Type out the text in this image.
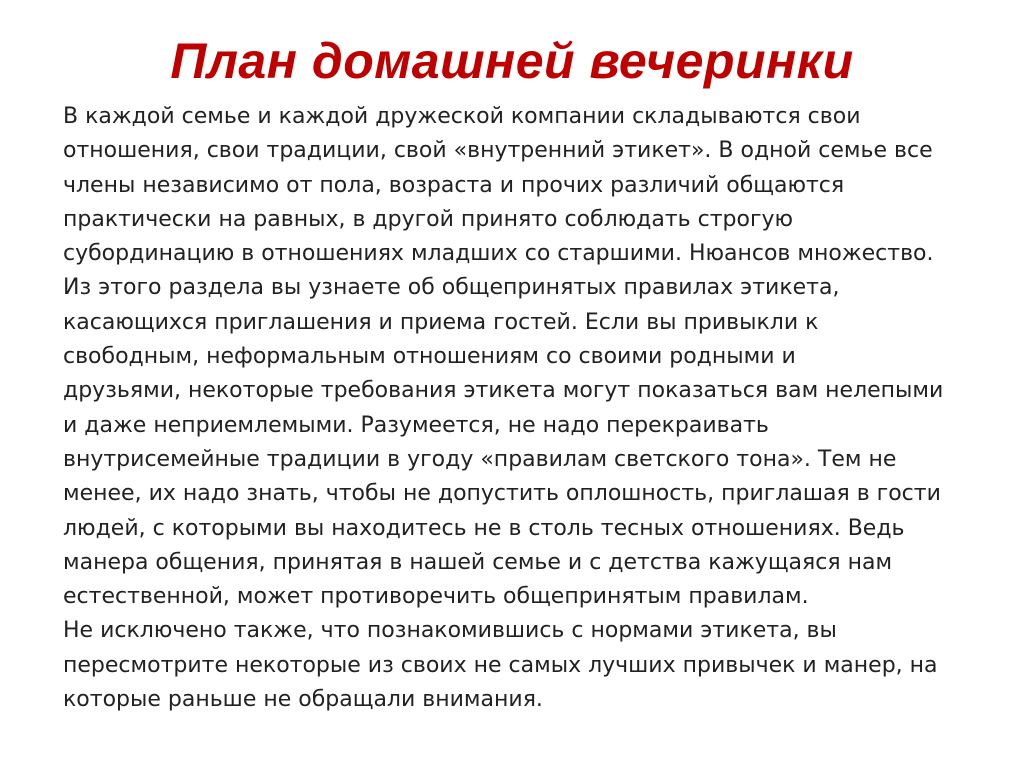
План домашней вечеринки
В каждой семье и каждой дружеской компании складываются свои
отношения, свои традиции, свой «внутренний этикет». В одной семье все
члены независимо от пола, возраста и прочих различий общаются
практически на равных, в другой принято соблюдать строгую
субординацию в отношениях младших со старшими. Нюансов множество.
Из этого раздела вы узнаете об общепринятых правилах этикета,
касающихся приглашения и приема гостей. Если вы привыкли к
свободным, неформальным отношениям со своими родными и
друзьями, некоторые требования этикета могут показаться вам нелепыми
и даже неприемлемыми. Разумеется, не надо перекраивать
внутрисемейные традиции в угоду «правилам светского тона». Тем не
менее, их надо знать, чтобы не допустить оплошность, приглашая в гости
людей, с которыми вы находитесь не в столь тесных отношениях. Ведь
манера общения, принятая в нашей семье и с детства кажущаяся нам
естественной, может противоречить общепринятым правилам.
Не исключено также, что познакомившись с нормами этикета, вы
пересмотрите некоторые из своих не самых лучших привычек и манер, на
которые раньше не обращали внимания.
